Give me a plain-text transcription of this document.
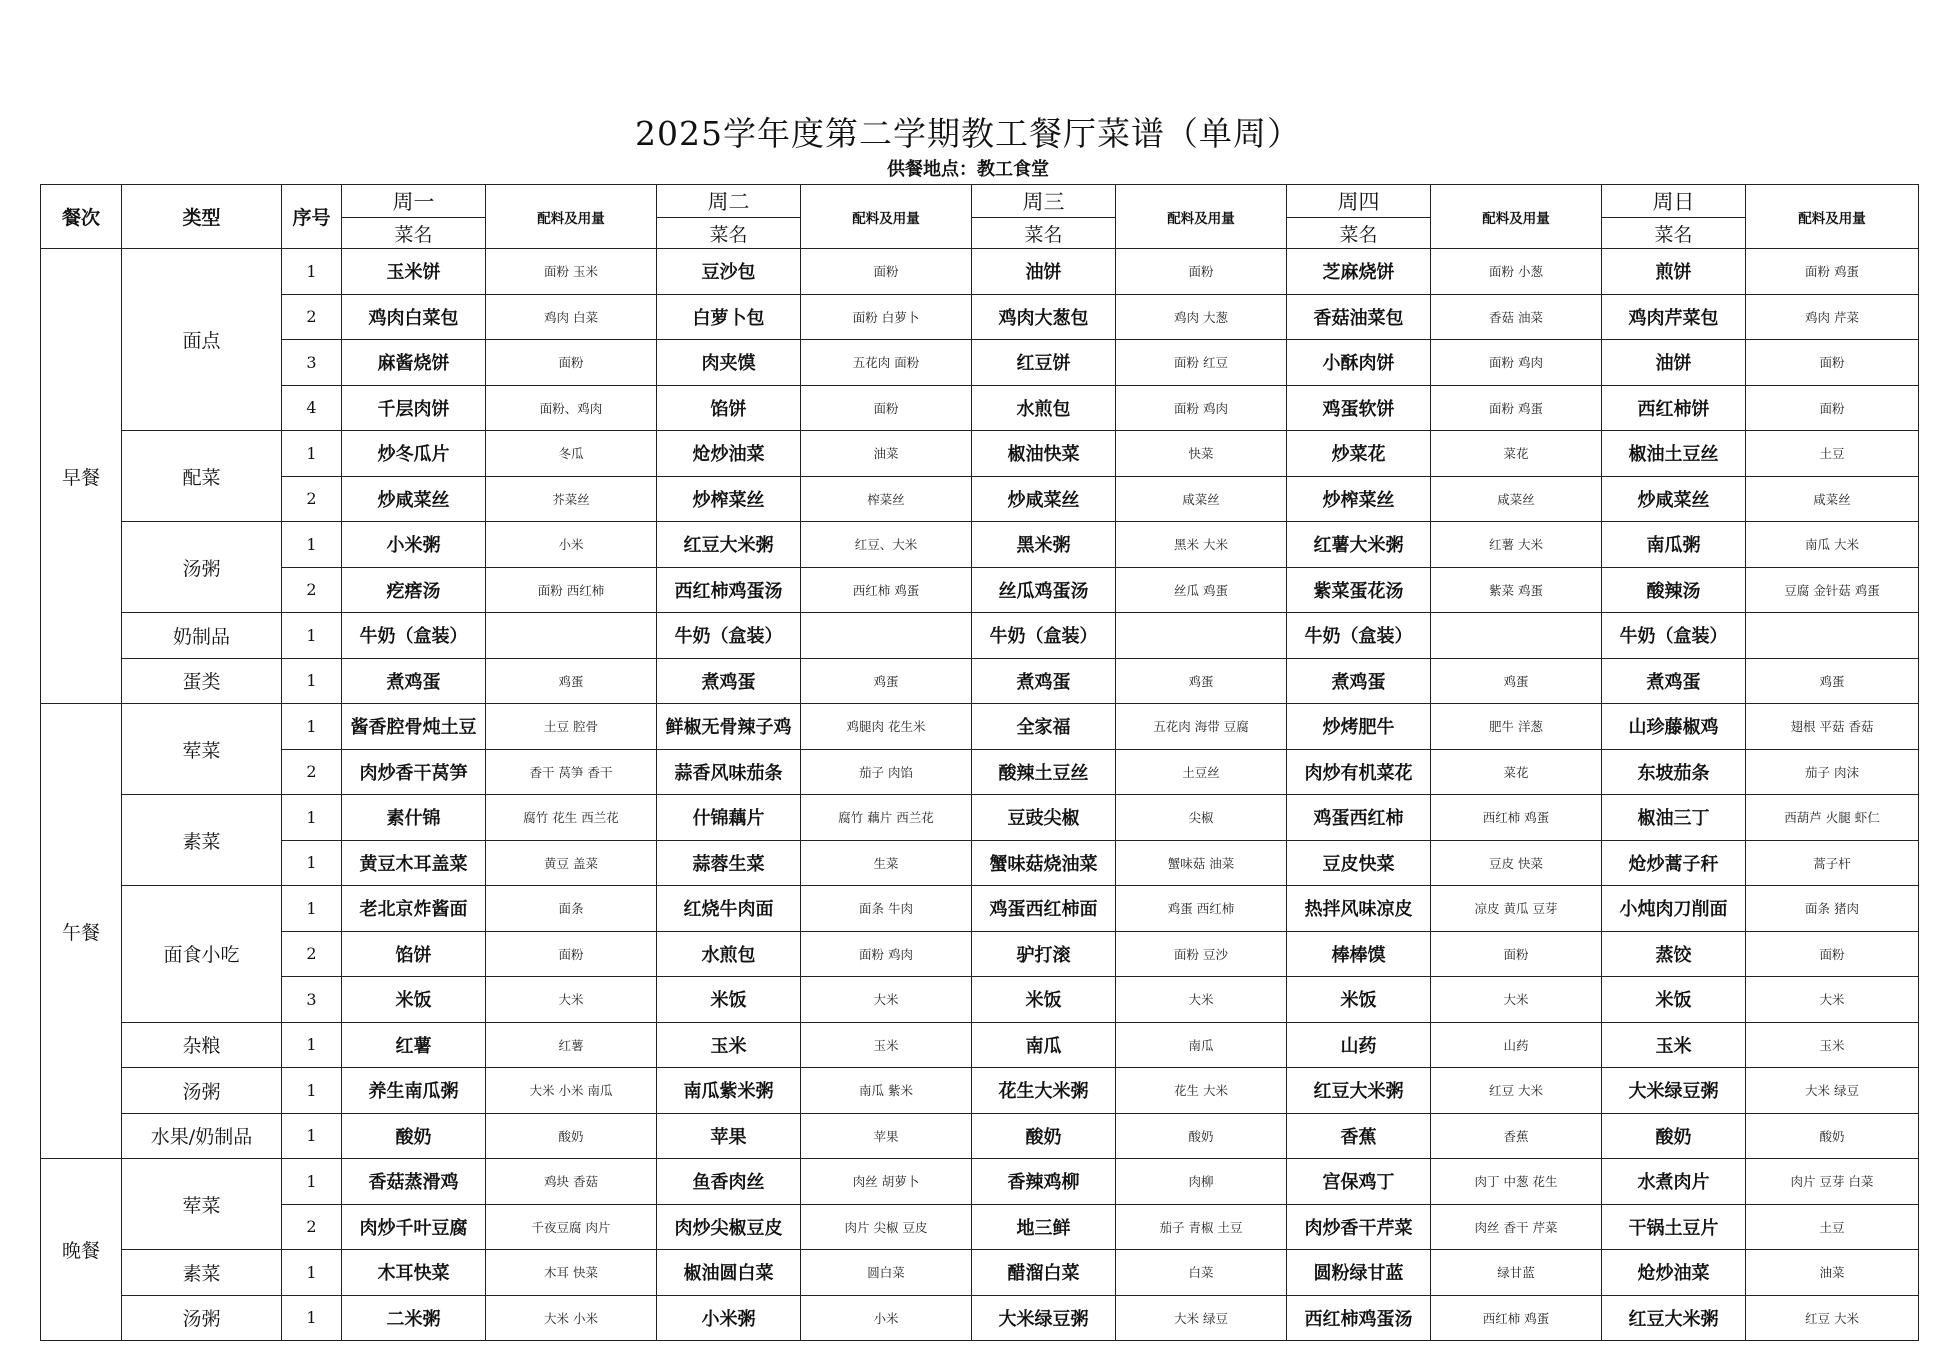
2025学年度第二学期教工餐厅菜谱（单周）
供餐地点：教工食堂
餐次	类型	序号	周一	配料及用量	周二	配料及用量	周三	配料及用量	周四	配料及用量	周日	配料及用量
			菜名		菜名		菜名		菜名		菜名	
早餐	面点	1	玉米饼	面粉 玉米	豆沙包	面粉	油饼	面粉	芝麻烧饼	面粉 小葱	煎饼	面粉 鸡蛋
		2	鸡肉白菜包	鸡肉 白菜	白萝卜包	面粉 白萝卜	鸡肉大葱包	鸡肉 大葱	香菇油菜包	香菇 油菜	鸡肉芹菜包	鸡肉 芹菜
		3	麻酱烧饼	面粉	肉夹馍	五花肉 面粉	红豆饼	面粉 红豆	小酥肉饼	面粉 鸡肉	油饼	面粉
		4	千层肉饼	面粉、鸡肉	馅饼	面粉	水煎包	面粉 鸡肉	鸡蛋软饼	面粉 鸡蛋	西红柿饼	面粉
	配菜	1	炒冬瓜片	冬瓜	炝炒油菜	油菜	椒油快菜	快菜	炒菜花	菜花	椒油土豆丝	土豆
		2	炒咸菜丝	芥菜丝	炒榨菜丝	榨菜丝	炒咸菜丝	咸菜丝	炒榨菜丝	咸菜丝	炒咸菜丝	咸菜丝
	汤粥	1	小米粥	小米	红豆大米粥	红豆、大米	黑米粥	黑米 大米	红薯大米粥	红薯 大米	南瓜粥	南瓜 大米
		2	疙瘩汤	面粉 西红柿	西红柿鸡蛋汤	西红柿 鸡蛋	丝瓜鸡蛋汤	丝瓜 鸡蛋	紫菜蛋花汤	紫菜 鸡蛋	酸辣汤	豆腐 金针菇 鸡蛋
	奶制品	1	牛奶（盒装）		牛奶（盒装）		牛奶（盒装）		牛奶（盒装）		牛奶（盒装）	
	蛋类	1	煮鸡蛋	鸡蛋	煮鸡蛋	鸡蛋	煮鸡蛋	鸡蛋	煮鸡蛋	鸡蛋	煮鸡蛋	鸡蛋
午餐	荤菜	1	酱香腔骨炖土豆	土豆 腔骨	鲜椒无骨辣子鸡	鸡腿肉 花生米	全家福	五花肉 海带 豆腐	炒烤肥牛	肥牛 洋葱	山珍藤椒鸡	翅根 平菇 香菇
		2	肉炒香干莴笋	香干 莴笋 香干	蒜香风味茄条	茄子 肉馅	酸辣土豆丝	土豆丝	肉炒有机菜花	菜花	东坡茄条	茄子 肉沫
	素菜	1	素什锦	腐竹 花生 西兰花	什锦藕片	腐竹 藕片 西兰花	豆豉尖椒	尖椒	鸡蛋西红柿	西红柿 鸡蛋	椒油三丁	西葫芦 火腿 虾仁
		1	黄豆木耳盖菜	黄豆 盖菜	蒜蓉生菜	生菜	蟹味菇烧油菜	蟹味菇 油菜	豆皮快菜	豆皮 快菜	炝炒蒿子秆	蒿子杆
	面食小吃	1	老北京炸酱面	面条	红烧牛肉面	面条 牛肉	鸡蛋西红柿面	鸡蛋 西红柿	热拌风味凉皮	凉皮 黄瓜 豆芽	小炖肉刀削面	面条 猪肉
		2	馅饼	面粉	水煎包	面粉 鸡肉	驴打滚	面粉 豆沙	棒棒馍	面粉	蒸饺	面粉
		3	米饭	大米	米饭	大米	米饭	大米	米饭	大米	米饭	大米
	杂粮	1	红薯	红薯	玉米	玉米	南瓜	南瓜	山药	山药	玉米	玉米
	汤粥	1	养生南瓜粥	大米 小米 南瓜	南瓜紫米粥	南瓜 紫米	花生大米粥	花生 大米	红豆大米粥	红豆 大米	大米绿豆粥	大米 绿豆
	水果/奶制品	1	酸奶	酸奶	苹果	苹果	酸奶	酸奶	香蕉	香蕉	酸奶	酸奶
晚餐	荤菜	1	香菇蒸滑鸡	鸡块 香菇	鱼香肉丝	肉丝 胡萝卜	香辣鸡柳	肉柳	宫保鸡丁	肉丁 中葱 花生	水煮肉片	肉片 豆芽 白菜
		2	肉炒千叶豆腐	千夜豆腐 肉片	肉炒尖椒豆皮	肉片 尖椒 豆皮	地三鲜	茄子 青椒 土豆	肉炒香干芹菜	肉丝 香干 芹菜	干锅土豆片	土豆
	素菜	1	木耳快菜	木耳 快菜	椒油圆白菜	圆白菜	醋溜白菜	白菜	圆粉绿甘蓝	绿甘蓝	炝炒油菜	油菜
	汤粥	1	二米粥	大米 小米	小米粥	小米	大米绿豆粥	大米 绿豆	西红柿鸡蛋汤	西红柿 鸡蛋	红豆大米粥	红豆 大米
